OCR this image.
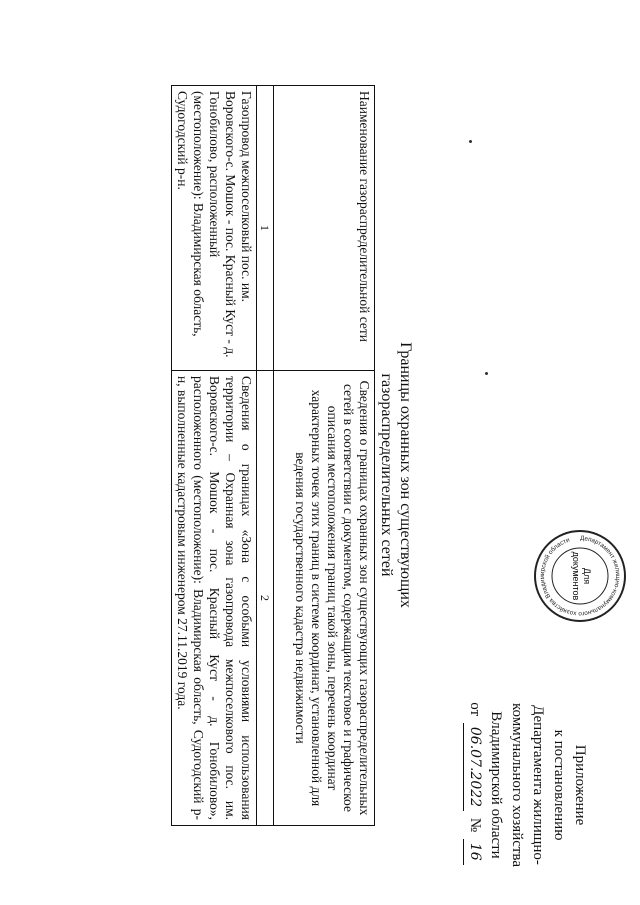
Приложение
к постановлению
Департамента жилищно-
коммунального хозяйства
Владимирской области
от 06.07.2022 № 16
Департамент жилищно-коммунального хозяйства Владимирской области
Для
документов
Границы охранных зон существующих
газораспределительных сетей
Наименование газораспределительной сети	Сведения о границах охранных зон существующих газораспределительных сетей в соответствии с документом, содержащим текстовое и графическое описания местоположения границ такой зоны, перечень координат характерных точек этих границ в системе координат, установленной для ведения государственного кадастра недвижимости
1	2
Газопровод межпоселковый пос. им. Воровского-с. Мошок - пос. Красный Куст - д. Гонобилово, расположенный (местоположение): Владимирская область, Судогодский р-н.	Сведения о границах «Зона с особыми условиями использования территории – Охранная зона газопровода межпоселкового пос. им. Воровского-с. Мошок - пос. Красный Куст - д. Гонобилово», расположенного (местоположение): Владимирская область, Судогодский р-н, выполненные кадастровым инженером 27.11.2019 года.
